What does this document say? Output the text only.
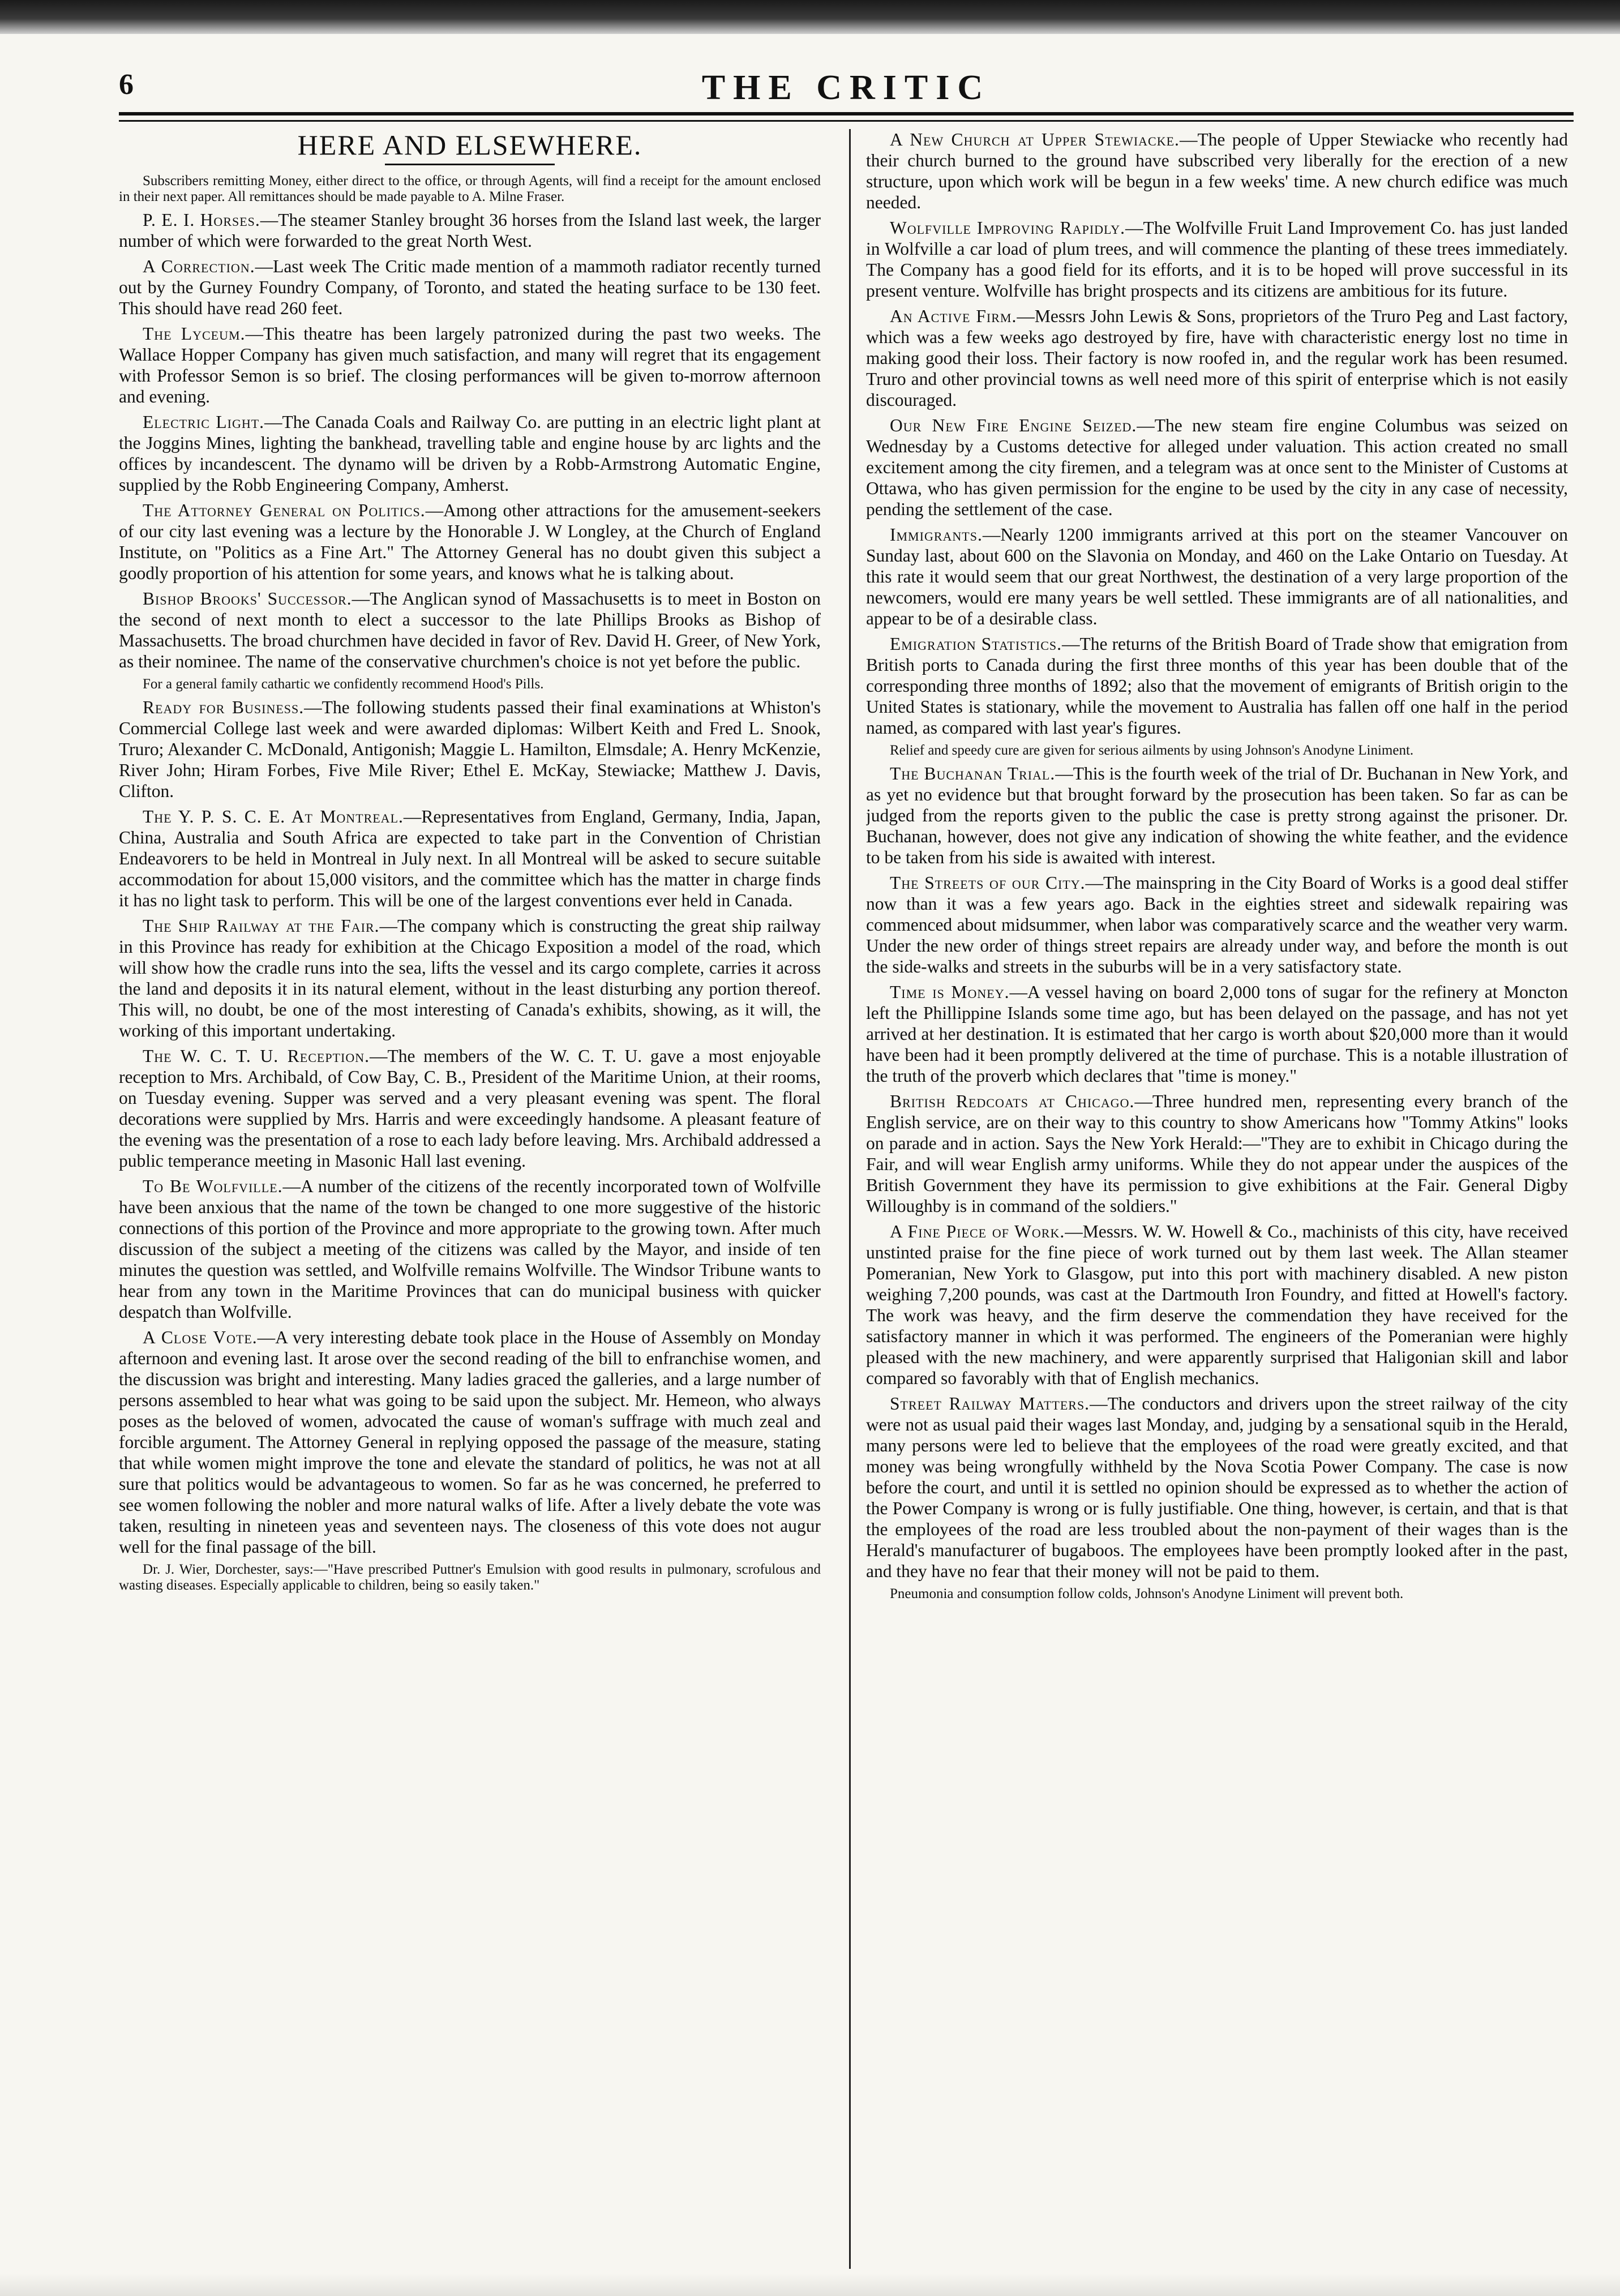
6	THE CRITIC
HERE AND ELSEWHERE.

Subscribers remitting Money, either direct to the office, or through Agents, will find a receipt for the amount enclosed in their next paper. All remittances should be made payable to A. Milne Fraser.

P. E. I. Horses.—The steamer Stanley brought 36 horses from the Island last week, the larger number of which were forwarded to the great North West.

A Correction.—Last week The Critic made mention of a mammoth radiator recently turned out by the Gurney Foundry Company, of Toronto, and stated the heating surface to be 130 feet. This should have read 260 feet.

The Lyceum.—This theatre has been largely patronized during the past two weeks. The Wallace Hopper Company has given much satisfaction, and many will regret that its engagement with Professor Semon is so brief. The closing performances will be given to-morrow afternoon and evening.

Electric Light.—The Canada Coals and Railway Co. are putting in an electric light plant at the Joggins Mines, lighting the bankhead, travelling table and engine house by arc lights and the offices by incandescent. The dynamo will be driven by a Robb-Armstrong Automatic Engine, supplied by the Robb Engineering Company, Amherst.

The Attorney General on Politics.—Among other attractions for the amusement-seekers of our city last evening was a lecture by the Honorable J. W Longley, at the Church of England Institute, on "Politics as a Fine Art." The Attorney General has no doubt given this subject a goodly proportion of his attention for some years, and knows what he is talking about.

Bishop Brooks' Successor.—The Anglican synod of Massachusetts is to meet in Boston on the second of next month to elect a successor to the late Phillips Brooks as Bishop of Massachusetts. The broad churchmen have decided in favor of Rev. David H. Greer, of New York, as their nominee. The name of the conservative churchmen's choice is not yet before the public.

For a general family cathartic we confidently recommend Hood's Pills.

Ready for Business.—The following students passed their final examinations at Whiston's Commercial College last week and were awarded diplomas: Wilbert Keith and Fred L. Snook, Truro; Alexander C. McDonald, Antigonish; Maggie L. Hamilton, Elmsdale; A. Henry McKenzie, River John; Hiram Forbes, Five Mile River; Ethel E. McKay, Stewiacke; Matthew J. Davis, Clifton.

The Y. P. S. C. E. At Montreal.—Representatives from England, Germany, India, Japan, China, Australia and South Africa are expected to take part in the Convention of Christian Endeavorers to be held in Montreal in July next. In all Montreal will be asked to secure suitable accommodation for about 15,000 visitors, and the committee which has the matter in charge finds it has no light task to perform. This will be one of the largest conventions ever held in Canada.

The Ship Railway at the Fair.—The company which is constructing the great ship railway in this Province has ready for exhibition at the Chicago Exposition a model of the road, which will show how the cradle runs into the sea, lifts the vessel and its cargo complete, carries it across the land and deposits it in its natural element, without in the least disturbing any portion thereof. This will, no doubt, be one of the most interesting of Canada's exhibits, showing, as it will, the working of this important undertaking.

The W. C. T. U. Reception.—The members of the W. C. T. U. gave a most enjoyable reception to Mrs. Archibald, of Cow Bay, C. B., President of the Maritime Union, at their rooms, on Tuesday evening. Supper was served and a very pleasant evening was spent. The floral decorations were supplied by Mrs. Harris and were exceedingly handsome. A pleasant feature of the evening was the presentation of a rose to each lady before leaving. Mrs. Archibald addressed a public temperance meeting in Masonic Hall last evening.

To Be Wolfville.—A number of the citizens of the recently incorporated town of Wolfville have been anxious that the name of the town be changed to one more suggestive of the historic connections of this portion of the Province and more appropriate to the growing town. After much discussion of the subject a meeting of the citizens was called by the Mayor, and inside of ten minutes the question was settled, and Wolfville remains Wolfville. The Windsor Tribune wants to hear from any town in the Maritime Provinces that can do municipal business with quicker despatch than Wolfville.

A Close Vote.—A very interesting debate took place in the House of Assembly on Monday afternoon and evening last. It arose over the second reading of the bill to enfranchise women, and the discussion was bright and interesting. Many ladies graced the galleries, and a large number of persons assembled to hear what was going to be said upon the subject. Mr. Hemeon, who always poses as the beloved of women, advocated the cause of woman's suffrage with much zeal and forcible argument. The Attorney General in replying opposed the passage of the measure, stating that while women might improve the tone and elevate the standard of politics, he was not at all sure that politics would be advantageous to women. So far as he was concerned, he preferred to see women following the nobler and more natural walks of life. After a lively debate the vote was taken, resulting in nineteen yeas and seventeen nays. The closeness of this vote does not augur well for the final passage of the bill.

Dr. J. Wier, Dorchester, says:—"Have prescribed Puttner's Emulsion with good results in pulmonary, scrofulous and wasting diseases. Especially applicable to children, being so easily taken."

A New Church at Upper Stewiacke.—The people of Upper Stewiacke who recently had their church burned to the ground have subscribed very liberally for the erection of a new structure, upon which work will be begun in a few weeks' time. A new church edifice was much needed.

Wolfville Improving Rapidly.—The Wolfville Fruit Land Improvement Co. has just landed in Wolfville a car load of plum trees, and will commence the planting of these trees immediately. The Company has a good field for its efforts, and it is to be hoped will prove successful in its present venture. Wolfville has bright prospects and its citizens are ambitious for its future.

An Active Firm.—Messrs John Lewis & Sons, proprietors of the Truro Peg and Last factory, which was a few weeks ago destroyed by fire, have with characteristic energy lost no time in making good their loss. Their factory is now roofed in, and the regular work has been resumed. Truro and other provincial towns as well need more of this spirit of enterprise which is not easily discouraged.

Our New Fire Engine Seized.—The new steam fire engine Columbus was seized on Wednesday by a Customs detective for alleged under valuation. This action created no small excitement among the city firemen, and a telegram was at once sent to the Minister of Customs at Ottawa, who has given permission for the engine to be used by the city in any case of necessity, pending the settlement of the case.

Immigrants.—Nearly 1200 immigrants arrived at this port on the steamer Vancouver on Sunday last, about 600 on the Slavonia on Monday, and 460 on the Lake Ontario on Tuesday. At this rate it would seem that our great Northwest, the destination of a very large proportion of the newcomers, would ere many years be well settled. These immigrants are of all nationalities, and appear to be of a desirable class.

Emigration Statistics.—The returns of the British Board of Trade show that emigration from British ports to Canada during the first three months of this year has been double that of the corresponding three months of 1892; also that the movement of emigrants of British origin to the United States is stationary, while the movement to Australia has fallen off one half in the period named, as compared with last year's figures.

Relief and speedy cure are given for serious ailments by using Johnson's Anodyne Liniment.

The Buchanan Trial.—This is the fourth week of the trial of Dr. Buchanan in New York, and as yet no evidence but that brought forward by the prosecution has been taken. So far as can be judged from the reports given to the public the case is pretty strong against the prisoner. Dr. Buchanan, however, does not give any indication of showing the white feather, and the evidence to be taken from his side is awaited with interest.

The Streets of our City.—The mainspring in the City Board of Works is a good deal stiffer now than it was a few years ago. Back in the eighties street and sidewalk repairing was commenced about midsummer, when labor was comparatively scarce and the weather very warm. Under the new order of things street repairs are already under way, and before the month is out the side-walks and streets in the suburbs will be in a very satisfactory state.

Time is Money.—A vessel having on board 2,000 tons of sugar for the refinery at Moncton left the Phillippine Islands some time ago, but has been delayed on the passage, and has not yet arrived at her destination. It is estimated that her cargo is worth about $20,000 more than it would have been had it been promptly delivered at the time of purchase. This is a notable illustration of the truth of the proverb which declares that "time is money."

British Redcoats at Chicago.—Three hundred men, representing every branch of the English service, are on their way to this country to show Americans how "Tommy Atkins" looks on parade and in action. Says the New York Herald:—"They are to exhibit in Chicago during the Fair, and will wear English army uniforms. While they do not appear under the auspices of the British Government they have its permission to give exhibitions at the Fair. General Digby Willoughby is in command of the soldiers."

A Fine Piece of Work.—Messrs. W. W. Howell & Co., machinists of this city, have received unstinted praise for the fine piece of work turned out by them last week. The Allan steamer Pomeranian, New York to Glasgow, put into this port with machinery disabled. A new piston weighing 7,200 pounds, was cast at the Dartmouth Iron Foundry, and fitted at Howell's factory. The work was heavy, and the firm deserve the commendation they have received for the satisfactory manner in which it was performed. The engineers of the Pomeranian were highly pleased with the new machinery, and were apparently surprised that Haligonian skill and labor compared so favorably with that of English mechanics.

Street Railway Matters.—The conductors and drivers upon the street railway of the city were not as usual paid their wages last Monday, and, judging by a sensational squib in the Herald, many persons were led to believe that the employees of the road were greatly excited, and that money was being wrongfully withheld by the Nova Scotia Power Company. The case is now before the court, and until it is settled no opinion should be expressed as to whether the action of the Power Company is wrong or is fully justifiable. One thing, however, is certain, and that is that the employees of the road are less troubled about the non-payment of their wages than is the Herald's manufacturer of bugaboos. The employees have been promptly looked after in the past, and they have no fear that their money will not be paid to them.

Pneumonia and consumption follow colds, Johnson's Anodyne Liniment will prevent both.
